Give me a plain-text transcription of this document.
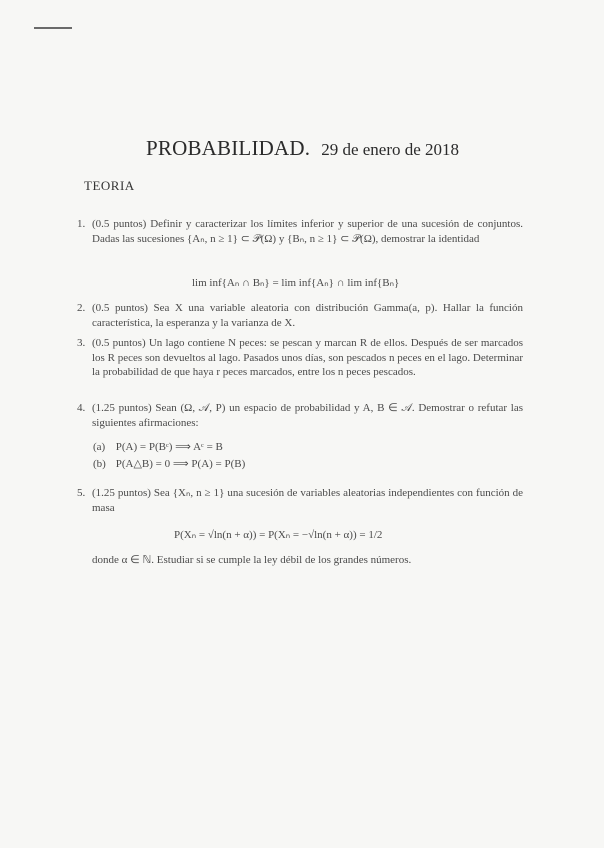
PROBABILIDAD. 29 de enero de 2018
TEORIA
1. (0.5 puntos) Definir y caracterizar los límites inferior y superior de una sucesión de conjuntos. Dadas las sucesiones {Aₙ, n ≥ 1} ⊂ 𝒫(Ω) y {Bₙ, n ≥ 1} ⊂ 𝒫(Ω), demostrar la identidad
lim inf{Aₙ ∩ Bₙ} = lim inf{Aₙ} ∩ lim inf{Bₙ}
2. (0.5 puntos) Sea X una variable aleatoria con distribución Gamma(a, p). Hallar la función característica, la esperanza y la varianza de X.
3. (0.5 puntos) Un lago contiene N peces: se pescan y marcan R de ellos. Después de ser marcados los R peces son devueltos al lago. Pasados unos días, son pescados n peces en el lago. Determinar la probabilidad de que haya r peces marcados, entre los n peces pescados.
4. (1.25 puntos) Sean (Ω, 𝒜, P) un espacio de probabilidad y A, B ∈ 𝒜. Demostrar o refutar las siguientes afirmaciones:
(a) P(A) = P(Bᶜ) ⟹ Aᶜ = B
(b) P(A△B) = 0 ⟹ P(A) = P(B)
5. (1.25 puntos) Sea {Xₙ, n ≥ 1} una sucesión de variables aleatorias independientes con función de masa
P(Xₙ = √ln(n + α)) = P(Xₙ = −√ln(n + α)) = 1/2
donde α ∈ ℕ. Estudiar si se cumple la ley débil de los grandes números.
